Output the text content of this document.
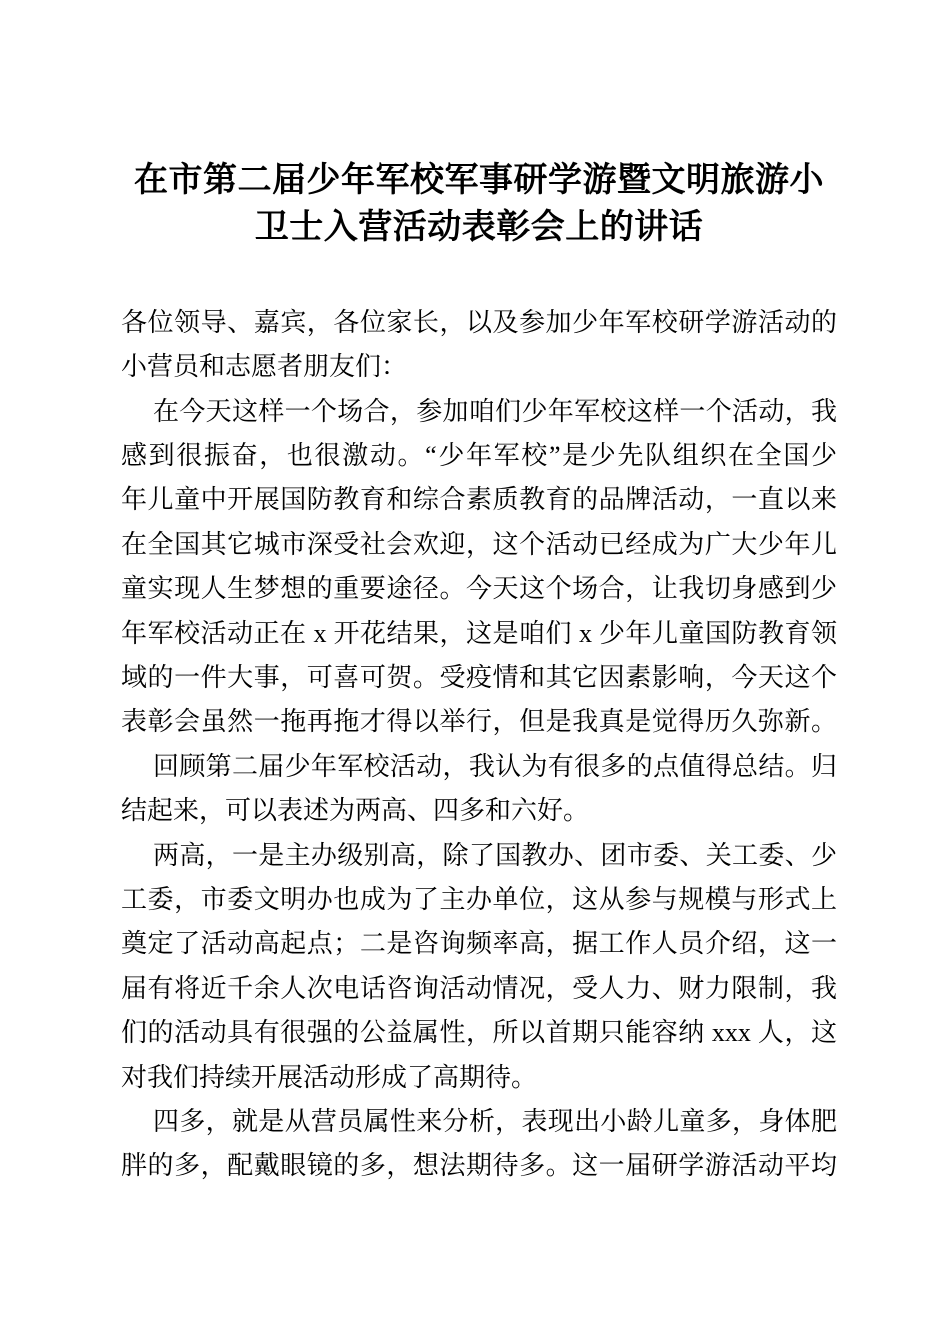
在市第二届少年军校军事研学游暨文明旅游小
卫士入营活动表彰会上的讲话
各位领导、嘉宾，各位家长，以及参加少年军校研学游活动的
小营员和志愿者朋友们：
在今天这样一个场合，参加咱们少年军校这样一个活动，我
感到很振奋，也很激动。“少年军校”是少先队组织在全国少
年儿童中开展国防教育和综合素质教育的品牌活动，一直以来
在全国其它城市深受社会欢迎，这个活动已经成为广大少年儿
童实现人生梦想的重要途径。今天这个场合，让我切身感到少
年军校活动正在 x 开花结果，这是咱们 x 少年儿童国防教育领
域的一件大事，可喜可贺。受疫情和其它因素影响，今天这个
表彰会虽然一拖再拖才得以举行，但是我真是觉得历久弥新。
回顾第二届少年军校活动，我认为有很多的点值得总结。归
结起来，可以表述为两高、四多和六好。
两高，一是主办级别高，除了国教办、团市委、关工委、少
工委，市委文明办也成为了主办单位，这从参与规模与形式上
奠定了活动高起点；二是咨询频率高，据工作人员介绍，这一
届有将近千余人次电话咨询活动情况，受人力、财力限制，我
们的活动具有很强的公益属性，所以首期只能容纳 xxx 人，这
对我们持续开展活动形成了高期待。
四多，就是从营员属性来分析，表现出小龄儿童多，身体肥
胖的多，配戴眼镜的多，想法期待多。这一届研学游活动平均
